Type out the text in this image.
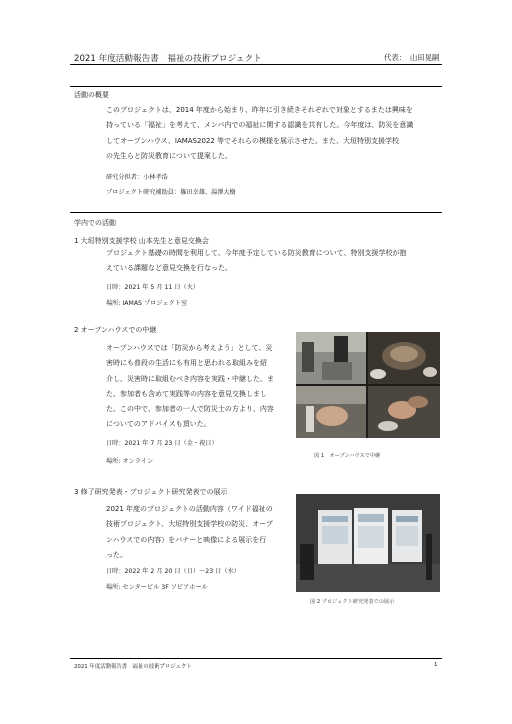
2021 年度活動報告書　福祉の技術プロジェクト	代表：　山田晃嗣
活動の概要
このプロジェクトは、2014 年度から始まり、昨年に引き続きそれぞれで対象とするまたは興味を
持っている「福祉」を考えて、メンバ内での福祉に関する認識を共有した。今年度は、防災を意識
してオープンハウス、IAMAS2022 等でそれらの模様を展示させた。また、大垣特別支援学校
の先生らと防災教育について提案した。
研究分担者：小林孝浩
プロジェクト研究補助員：篠田幸雄、湯澤大樹
学内での活動
1 大垣特別支援学校 山本先生と意見交換会
プロジェクト基礎の時間を利用して、今年度予定している防災教育について、特別支援学校が抱
えている課題など意見交換を行なった。
日時：2021 年 5 月 11 日（火）
場所: IAMAS プロジェクト室
2 オープンハウスでの中継
オープンハウスでは「防災から考えよう」として、災
害時にも普段の生活にも有用と思われる取組みを紹
介し、災害時に取組むべき内容を実践・中継した。ま
た、参加者も含めて実践等の内容を意見交換しまし
た。この中で、参加者の一人で防災士の方より、内容
についてのアドバイスも頂いた。
日時：2021 年 7 月 23 日（金・祝日）
場所: オンライン
図 1　オープンハウスで中継
3 修了研究発表・プロジェクト研究発表での展示
2021 年度のプロジェクトの活動内容（ワイド福祉の
技術プロジェクト、大垣特別支援学校の防災、オープ
ンハウスでの内容）をバナーと映像による展示を行
った。
日時：2022 年 2 月 20 日（日）～23 日（水）
場所: センタービル 3F ソピアホール
図 2 プロジェクト研究発表での展示
2021 年度活動報告書　福祉の技術プロジェクト	1
